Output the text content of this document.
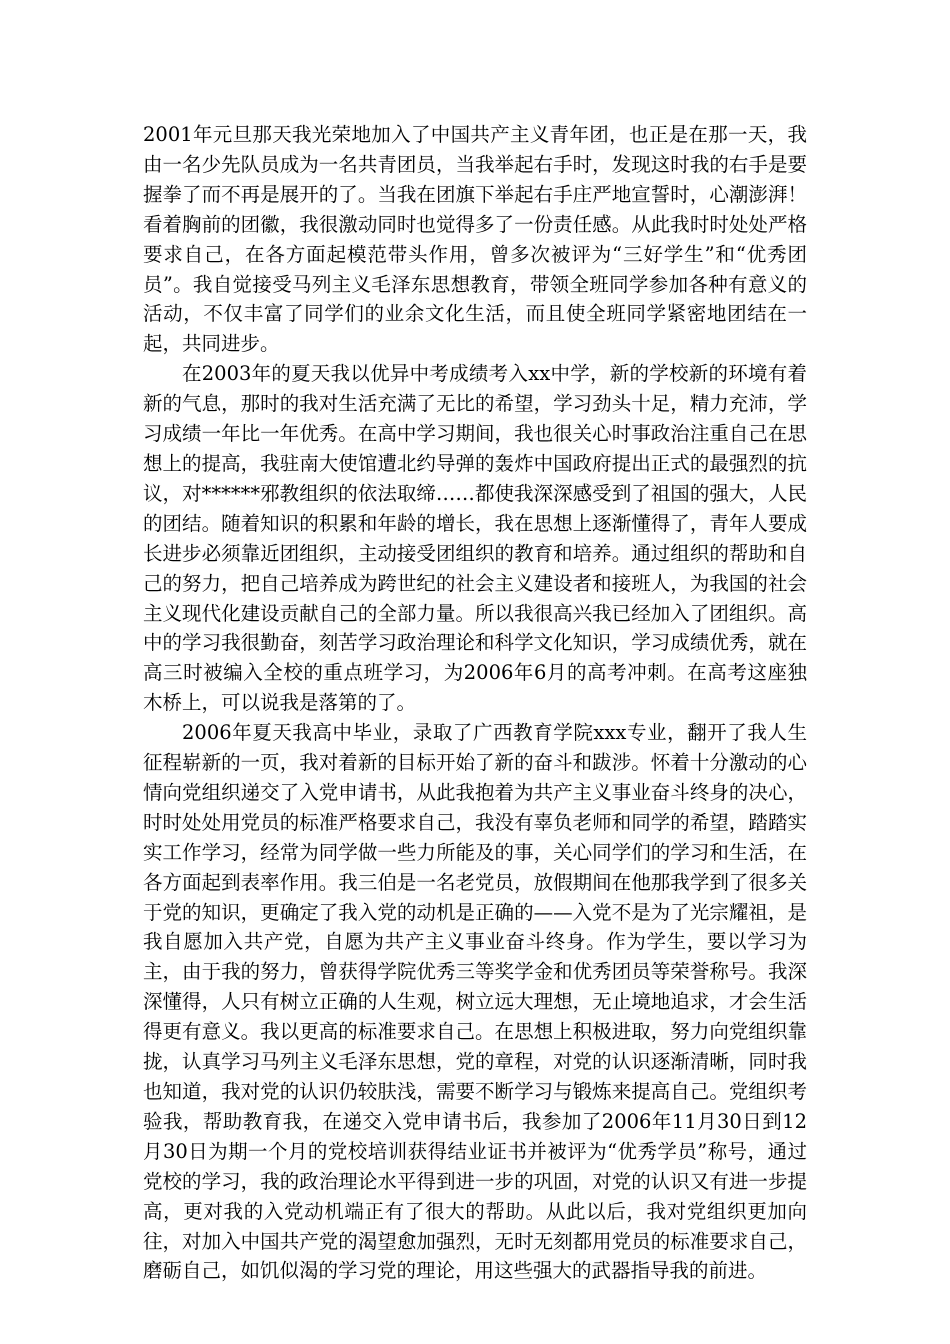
2001年元旦那天我光荣地加入了中国共产主义青年团，也正是在那一天，我由一名少先队员成为一名共青团员，当我举起右手时，发现这时我的右手是要握拳了而不再是展开的了。当我在团旗下举起右手庄严地宣誓时，心潮澎湃！看着胸前的团徽，我很激动同时也觉得多了一份责任感。从此我时时处处严格要求自己，在各方面起模范带头作用，曾多次被评为“三好学生”和“优秀团员”。我自觉接受马列主义毛泽东思想教育，带领全班同学参加各种有意义的活动，不仅丰富了同学们的业余文化生活，而且使全班同学紧密地团结在一起，共同进步。

在2003年的夏天我以优异中考成绩考入xx中学，新的学校新的环境有着新的气息，那时的我对生活充满了无比的希望，学习劲头十足，精力充沛，学习成绩一年比一年优秀。在高中学习期间，我也很关心时事政治注重自己在思想上的提高，我驻南大使馆遭北约导弹的轰炸中国政府提出正式的最强烈的抗议，对******邪教组织的依法取缔……都使我深深感受到了祖国的强大，人民的团结。随着知识的积累和年龄的增长，我在思想上逐渐懂得了，青年人要成长进步必须靠近团组织，主动接受团组织的教育和培养。通过组织的帮助和自己的努力，把自己培养成为跨世纪的社会主义建设者和接班人，为我国的社会主义现代化建设贡献自己的全部力量。所以我很高兴我已经加入了团组织。高中的学习我很勤奋，刻苦学习政治理论和科学文化知识，学习成绩优秀，就在高三时被编入全校的重点班学习，为2006年6月的高考冲刺。在高考这座独木桥上，可以说我是落第的了。

2006年夏天我高中毕业，录取了广西教育学院xxx专业，翻开了我人生征程崭新的一页，我对着新的目标开始了新的奋斗和跋涉。怀着十分激动的心情向党组织递交了入党申请书，从此我抱着为共产主义事业奋斗终身的决心，时时处处用党员的标准严格要求自己，我没有辜负老师和同学的希望，踏踏实实工作学习，经常为同学做一些力所能及的事，关心同学们的学习和生活，在各方面起到表率作用。我三伯是一名老党员，放假期间在他那我学到了很多关于党的知识，更确定了我入党的动机是正确的——入党不是为了光宗耀祖，是我自愿加入共产党，自愿为共产主义事业奋斗终身。作为学生，要以学习为主，由于我的努力，曾获得学院优秀三等奖学金和优秀团员等荣誉称号。我深深懂得，人只有树立正确的人生观，树立远大理想，无止境地追求，才会生活得更有意义。我以更高的标准要求自己。在思想上积极进取，努力向党组织靠拢，认真学习马列主义毛泽东思想，党的章程，对党的认识逐渐清晰，同时我也知道，我对党的认识仍较肤浅，需要不断学习与锻炼来提高自己。党组织考验我，帮助教育我，在递交入党申请书后，我参加了2006年11月30日到12月30日为期一个月的党校培训获得结业证书并被评为“优秀学员”称号，通过党校的学习，我的政治理论水平得到进一步的巩固，对党的认识又有进一步提高，更对我的入党动机端正有了很大的帮助。从此以后，我对党组织更加向往，对加入中国共产党的渴望愈加强烈，无时无刻都用党员的标准要求自己，磨砺自己，如饥似渴的学习党的理论，用这些强大的武器指导我的前进。
